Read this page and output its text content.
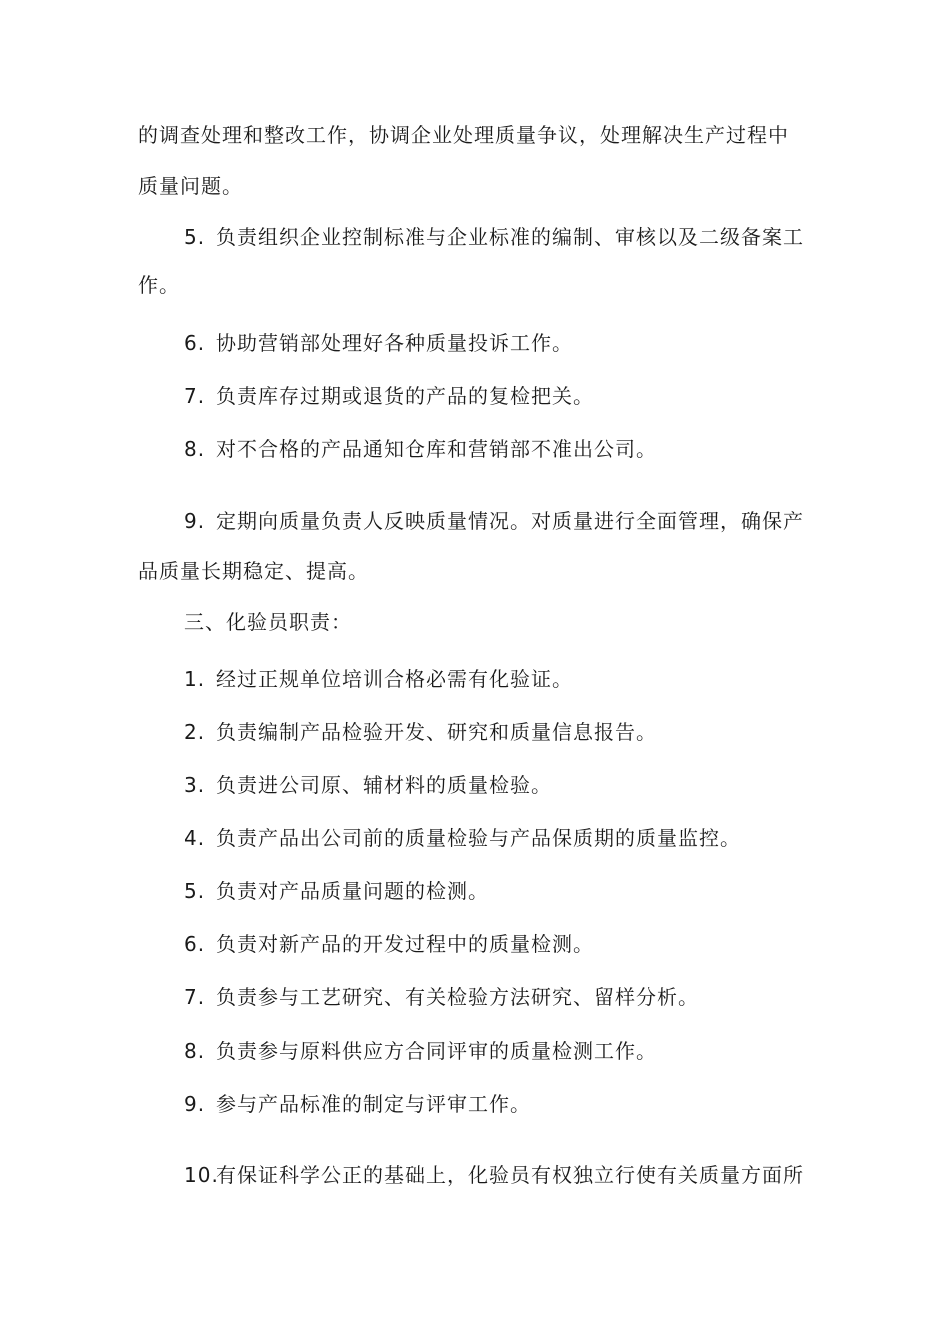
的调查处理和整改工作，协调企业处理质量争议，处理解决生产过程中
质量问题。
5. 负责组织企业控制标准与企业标准的编制、审核以及二级备案工
作。
6. 协助营销部处理好各种质量投诉工作。
7. 负责库存过期或退货的产品的复检把关。
8. 对不合格的产品通知仓库和营销部不准出公司。
9. 定期向质量负责人反映质量情况。对质量进行全面管理，确保产
品质量长期稳定、提高。
三、化验员职责：
1. 经过正规单位培训合格必需有化验证。
2. 负责编制产品检验开发、研究和质量信息报告。
3. 负责进公司原、辅材料的质量检验。
4. 负责产品出公司前的质量检验与产品保质期的质量监控。
5. 负责对产品质量问题的检测。
6. 负责对新产品的开发过程中的质量检测。
7. 负责参与工艺研究、有关检验方法研究、留样分析。
8. 负责参与原料供应方合同评审的质量检测工作。
9. 参与产品标准的制定与评审工作。
10.有保证科学公正的基础上，化验员有权独立行使有关质量方面所
